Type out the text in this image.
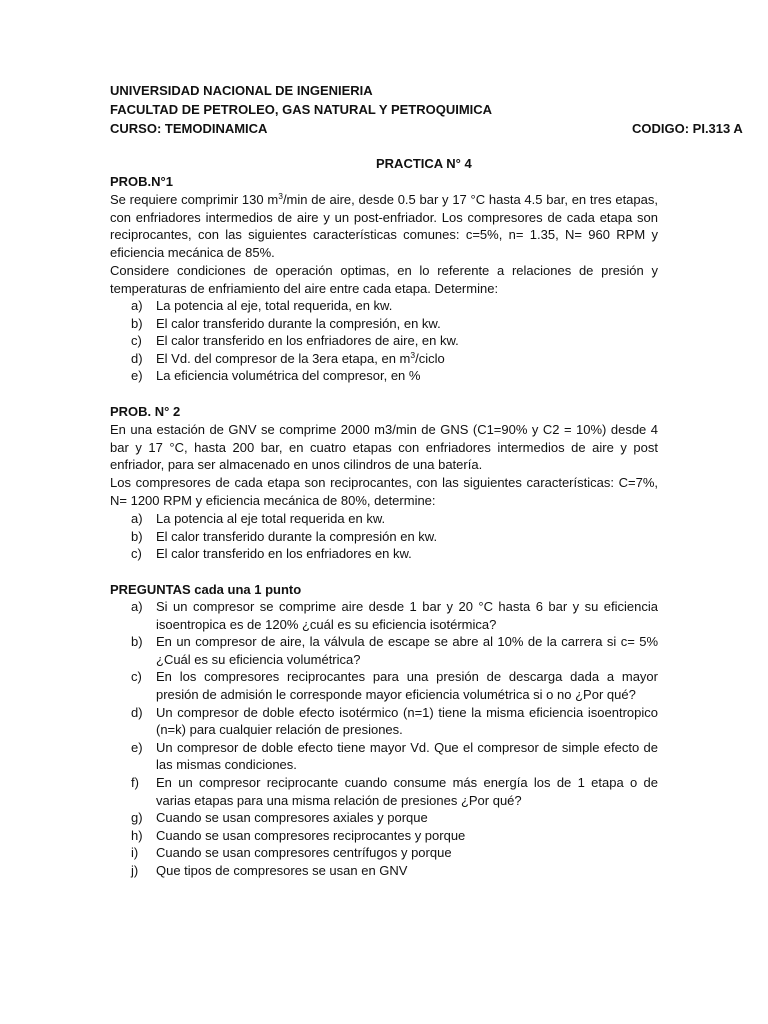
UNIVERSIDAD NACIONAL DE INGENIERIA
FACULTAD DE PETROLEO, GAS NATURAL Y PETROQUIMICA
CURSO: TEMODINAMICA	CODIGO: PI.313 A
PRACTICA N° 4
PROB.N°1
Se requiere comprimir 130 $m^3/\min$ de aire, desde 0.5 bar y 17 °C hasta 4.5 bar, en tres etapas, con enfriadores intermedios de aire y un post-enfriador. Los compresores de cada etapa son reciprocantes, con las siguientes características comunes: c=5%, n= 1.35, N= 960 RPM y eficiencia mecánica de 85%.
Considere condiciones de operación optimas, en lo referente a relaciones de presión y temperaturas de enfriamiento del aire entre cada etapa. Determine:
a) La potencia al eje, total requerida, en kw.
b) El calor transferido durante la compresión, en kw.
c) El calor transferido en los enfriadores de aire, en kw.
d) El Vd. del compresor de la 3era etapa, en $m^3$/ciclo
e) La eficiencia volumétrica del compresor, en %
PROB. N° 2
En una estación de GNV se comprime 2000 m3/min de GNS (C1=90% y C2 = 10%) desde 4 bar y 17 °C, hasta 200 bar, en cuatro etapas con enfriadores intermedios de aire y post enfriador, para ser almacenado en unos cilindros de una batería.
Los compresores de cada etapa son reciprocantes, con las siguientes características: C=7%, N= 1200 RPM y eficiencia mecánica de 80%, determine:
a) La potencia al eje total requerida en kw.
b) El calor transferido durante la compresión en kw.
c) El calor transferido en los enfriadores en kw.
PREGUNTAS cada una 1 punto
a) Si un compresor se comprime aire desde 1 bar y 20 °C hasta 6 bar y su eficiencia isoentropica es de 120% ¿cuál es su eficiencia isotérmica?
b) En un compresor de aire, la válvula de escape se abre al 10% de la carrera si c= 5% ¿Cuál es su eficiencia volumétrica?
c) En los compresores reciprocantes para una presión de descarga dada a mayor presión de admisión le corresponde mayor eficiencia volumétrica si o no ¿Por qué?
d) Un compresor de doble efecto isotérmico (n=1) tiene la misma eficiencia isoentropico (n=k) para cualquier relación de presiones.
e) Un compresor de doble efecto tiene mayor Vd. Que el compresor de simple efecto de las mismas condiciones.
f) En un compresor reciprocante cuando consume más energía los de 1 etapa o de varias etapas para una misma relación de presiones ¿Por qué?
g) Cuando se usan compresores axiales y porque
h) Cuando se usan compresores reciprocantes y porque
i) Cuando se usan compresores centrífugos y porque
j) Que tipos de compresores se usan en GNV
